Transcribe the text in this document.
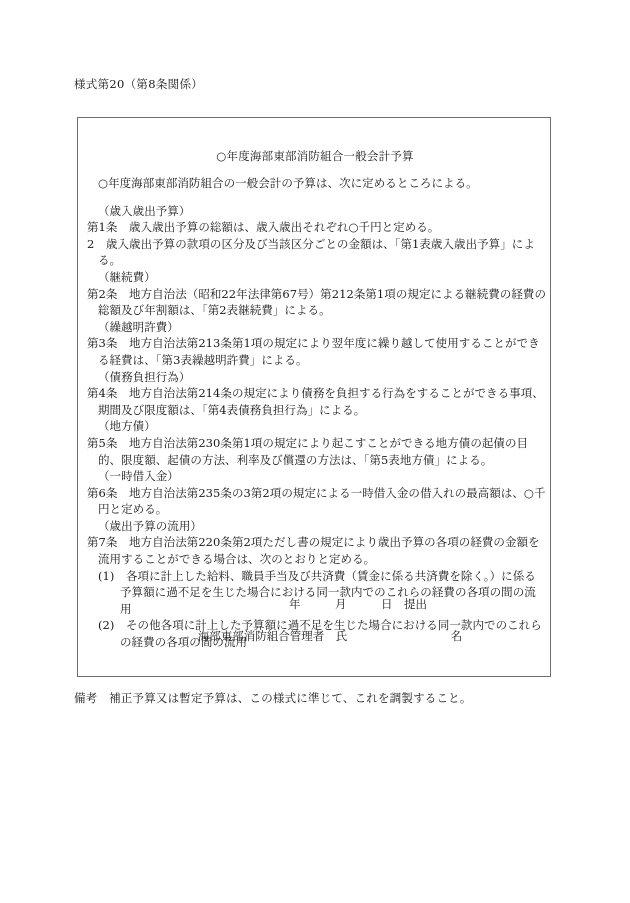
様式第20（第8条関係）
○年度海部東部消防組合一般会計予算
○年度海部東部消防組合の一般会計の予算は、次に定めるところによる。
（歳入歳出予算）
第1条　歳入歳出予算の総額は、歳入歳出それぞれ○千円と定める。
2　歳入歳出予算の款項の区分及び当該区分ごとの金額は、「第1表歳入歳出予算」による。
（継続費）
第2条　地方自治法（昭和22年法律第67号）第212条第1項の規定による継続費の経費の総額及び年割額は、「第2表継続費」による。
（繰越明許費）
第3条　地方自治法第213条第1項の規定により翌年度に繰り越して使用することができる経費は、「第3表繰越明許費」による。
（債務負担行為）
第4条　地方自治法第214条の規定により債務を負担する行為をすることができる事項、期間及び限度額は、「第4表債務負担行為」による。
（地方債）
第5条　地方自治法第230条第1項の規定により起こすことができる地方債の起債の目的、限度額、起債の方法、利率及び償還の方法は、「第5表地方債」による。
（一時借入金）
第6条　地方自治法第235条の3第2項の規定による一時借入金の借入れの最高額は、○千円と定める。
（歳出予算の流用）
第7条　地方自治法第220条第2項ただし書の規定により歳出予算の各項の経費の金額を流用することができる場合は、次のとおりと定める。
(1)　各項に計上した給料、職員手当及び共済費（賃金に係る共済費を除く。）に係る予算額に過不足を生じた場合における同一款内でのこれらの経費の各項の間の流用
(2)　その他各項に計上した予算額に過不足を生じた場合における同一款内でのこれらの経費の各項の間の流用
年　　　月　　　日　提出
海部東部消防組合管理者　氏　　　　　　　　　名
備考　補正予算又は暫定予算は、この様式に準じて、これを調製すること。
